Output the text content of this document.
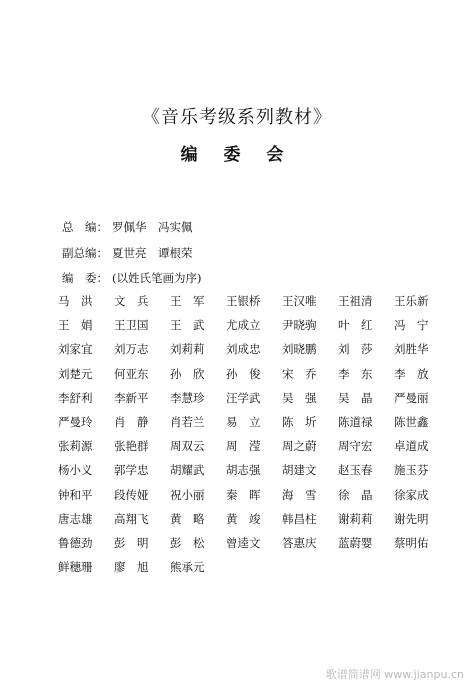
《音乐考级系列教材》
编 委 会
总　编： 罗佩华　冯实佩
副总编： 夏世亮　谭根荣
编　委： (以姓氏笔画为序)
马　洪	文　兵	王　军	王银桥	王汉唯	王祖清	王乐新
王　娟	王卫国	王　武	尤成立	尹晓驹	叶　红	冯　宁
刘家宜	刘万志	刘莉莉	刘成忠	刘晓鹏	刘　莎	刘胜华
刘楚元	何亚东	孙　欣	孙　俊	宋　乔	李　东	李　放
李舒利	李新平	李慧珍	汪学武	吴　强	吴　晶	严曼丽
严曼玲	肖　静	肖若兰	易　立	陈　圻	陈道禄	陈世鑫
张莉源	张艳群	周双云	周　滢	周之蔚	周守宏	卓道成
杨小义	郭学忠	胡耀武	胡志强	胡建文	赵玉春	施玉芬
钟和平	段传娅	祝小丽	秦　晖	海　雪	徐　晶	徐家成
唐志雄	高翔飞	黄　略	黄　竣	韩昌柱	谢莉莉	谢先明
鲁德劲	彭　明	彭　松	曾逵文	答惠庆	蓝蔚婴	蔡明佑
鲜穗珊	廖　旭	熊承元
歌谱简谱网 www.jianpu.cn
